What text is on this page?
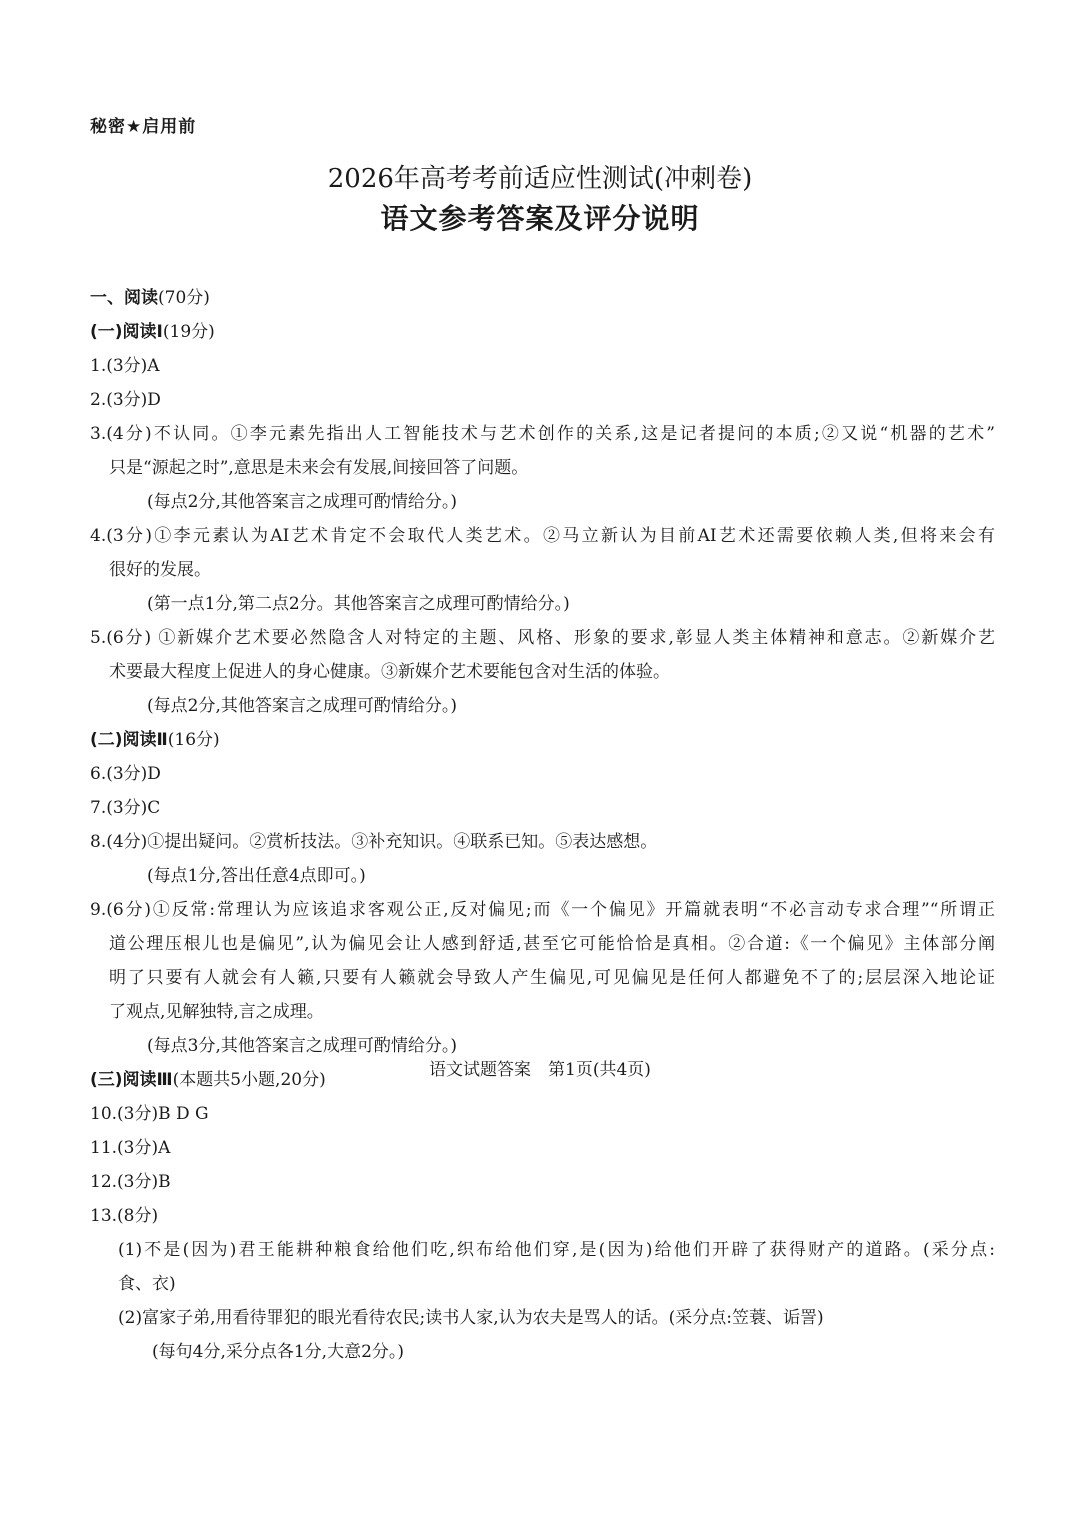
秘密★启用前
2026年高考考前适应性测试(冲刺卷)
语文参考答案及评分说明
一、阅读(70分)
(一)阅读Ⅰ(19分)
1.(3分)A
2.(3分)D
3.(4分)不认同。①李元素先指出人工智能技术与艺术创作的关系,这是记者提问的本质;②又说“机器的艺术”
只是“源起之时”,意思是未来会有发展,间接回答了问题。
(每点2分,其他答案言之成理可酌情给分。)
4.(3分)①李元素认为AI艺术肯定不会取代人类艺术。②马立新认为目前AI艺术还需要依赖人类,但将来会有
很好的发展。
(第一点1分,第二点2分。其他答案言之成理可酌情给分。)
5.(6分) ①新媒介艺术要必然隐含人对特定的主题、风格、形象的要求,彰显人类主体精神和意志。②新媒介艺
术要最大程度上促进人的身心健康。③新媒介艺术要能包含对生活的体验。
(每点2分,其他答案言之成理可酌情给分。)
(二)阅读Ⅱ(16分)
6.(3分)D
7.(3分)C
8.(4分)①提出疑问。②赏析技法。③补充知识。④联系已知。⑤表达感想。
(每点1分,答出任意4点即可。)
9.(6分)①反常:常理认为应该追求客观公正,反对偏见;而《一个偏见》开篇就表明“不必言动专求合理”“所谓正
道公理压根儿也是偏见”,认为偏见会让人感到舒适,甚至它可能恰恰是真相。②合道:《一个偏见》主体部分阐
明了只要有人就会有人籁,只要有人籁就会导致人产生偏见,可见偏见是任何人都避免不了的;层层深入地论证
了观点,见解独特,言之成理。
(每点3分,其他答案言之成理可酌情给分。)
(三)阅读Ⅲ(本题共5小题,20分)
10.(3分)B D G
11.(3分)A
12.(3分)B
13.(8分)
(1)不是(因为)君王能耕种粮食给他们吃,织布给他们穿,是(因为)给他们开辟了获得财产的道路。(采分点:
食、衣)
(2)富家子弟,用看待罪犯的眼光看待农民;读书人家,认为农夫是骂人的话。(采分点:笠蓑、诟詈)
(每句4分,采分点各1分,大意2分。)
语文试题答案　第1页(共4页)
